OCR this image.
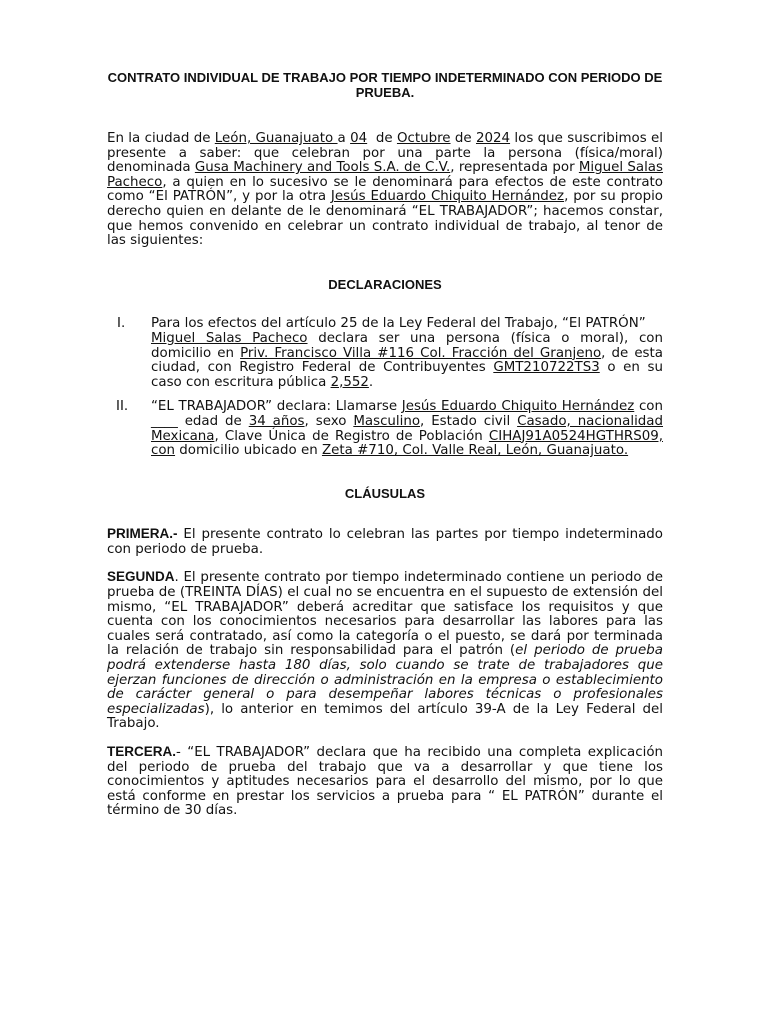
CONTRATO INDIVIDUAL DE TRABAJO POR TIEMPO INDETERMINADO CON PERIODO DE PRUEBA.

En la ciudad de León, Guanajuato a 04  de Octubre de 2024 los que suscribimos el presente a saber: que celebran por una parte la persona (física/moral) denominada Gusa Machinery and Tools S.A. de C.V., representada por Miguel Salas Pacheco, a quien en lo sucesivo se le denominará para efectos de este contrato como “El PATRÓN”, y por la otra Jesús Eduardo Chiquito Hernández, por su propio derecho quien en delante de le denominará “EL TRABAJADOR”; hacemos constar, que hemos convenido en celebrar un contrato individual de trabajo, al tenor de las siguientes:

DECLARACIONES
I. Para los efectos del artículo 25 de la Ley Federal del Trabajo, “El PATRÓN”
Miguel Salas Pacheco declara ser una persona (física o moral), con domicilio en Priv. Francisco Villa #116 Col. Fracción del Granjeno, de esta ciudad, con Registro Federal de Contribuyentes GMT210722TS3 o en su caso con escritura pública 2,552.

II. “EL TRABAJADOR” declara: Llamarse Jesús Eduardo Chiquito Hernández con ____ edad de 34 años, sexo Masculino, Estado civil Casado, nacionalidad  Mexicana, Clave Única de Registro de Población CIHAJ91A0524HGTHRS09, con domicilio ubicado en Zeta #710, Col. Valle Real, León, Guanajuato.

CLÁUSULAS

PRIMERA.- El presente contrato lo celebran las partes por tiempo indeterminado con periodo de prueba.

SEGUNDA. El presente contrato por tiempo indeterminado contiene un periodo de prueba de (TREINTA DÍAS) el cual no se encuentra en el supuesto de extensión del mismo, “EL TRABAJADOR” deberá acreditar que satisface los requisitos y que cuenta con los conocimientos necesarios para desarrollar las labores para las cuales será contratado, así como la categoría o el puesto, se dará por terminada la relación de trabajo sin responsabilidad para el patrón (el periodo de prueba podrá extenderse hasta 180 días, solo cuando se trate de trabajadores que ejerzan funciones de dirección o administración en la empresa o establecimiento de carácter general o para desempeñar labores técnicas o profesionales especializadas), lo anterior en temimos del artículo 39-A de la Ley Federal del Trabajo.

TERCERA.- “EL TRABAJADOR” declara que ha recibido una completa explicación del periodo de prueba del trabajo que va a desarrollar y que tiene los conocimientos y aptitudes necesarios para el desarrollo del mismo, por lo que está conforme en prestar los servicios a prueba para “ EL PATRÓN” durante el término de 30 días.
